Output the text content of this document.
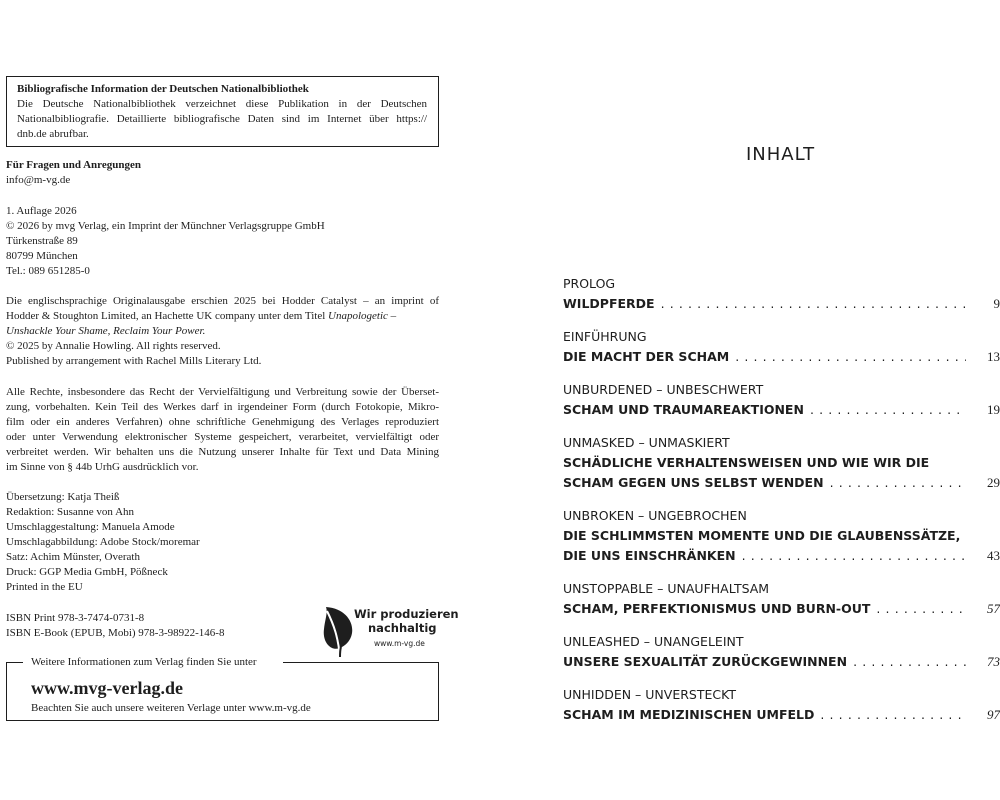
Bibliografische Information der Deutschen Nationalbibliothek
Die Deutsche Nationalbibliothek verzeichnet diese Publikation in der Deutschen
Nationalbibliografie. Detaillierte bibliografische Daten sind im Internet über https://
dnb.de abrufbar.
Für Fragen und Anregungen
info@m-vg.de
1. Auflage 2026
© 2026 by mvg Verlag, ein Imprint der Münchner Verlagsgruppe GmbH
Türkenstraße 89
80799 München
Tel.: 089 651285-0
Die englischsprachige Originalausgabe erschien 2025 bei Hodder Catalyst – an imprint of
Hodder & Stoughton Limited, an Hachette UK company unter dem Titel Unapologetic –
Unshackle Your Shame, Reclaim Your Power.
© 2025 by Annalie Howling. All rights reserved.
Published by arrangement with Rachel Mills Literary Ltd.
Alle Rechte, insbesondere das Recht der Vervielfältigung und Verbreitung sowie der Überset-
zung, vorbehalten. Kein Teil des Werkes darf in irgendeiner Form (durch Fotokopie, Mikro-
film oder ein anderes Verfahren) ohne schriftliche Genehmigung des Verlages reproduziert
oder unter Verwendung elektronischer Systeme gespeichert, verarbeitet, vervielfältigt oder
verbreitet werden. Wir behalten uns die Nutzung unserer Inhalte für Text und Data Mining
im Sinne von § 44b UrhG ausdrücklich vor.
Übersetzung: Katja Theiß
Redaktion: Susanne von Ahn
Umschlaggestaltung: Manuela Amode
Umschlagabbildung: Adobe Stock/moremar
Satz: Achim Münster, Overath
Druck: GGP Media GmbH, Pößneck
Printed in the EU
ISBN Print 978-3-7474-0731-8
ISBN E-Book (EPUB, Mobi) 978-3-98922-146-8
Wir produzieren
nachhaltig
www.m-vg.de
Weitere Informationen zum Verlag finden Sie unter
www.mvg-verlag.de
Beachten Sie auch unsere weiteren Verlage unter www.m-vg.de
INHALT
PROLOG
WILDPFERDE . . .	9
EINFÜHRUNG
DIE MACHT DER SCHAM . . .	13
UNBURDENED – UNBESCHWERT
SCHAM UND TRAUMAREAKTIONEN . . .	19
UNMASKED – UNMASKIERT
SCHÄDLICHE VERHALTENSWEISEN UND WIE WIR DIE
SCHAM GEGEN UNS SELBST WENDEN . . .	29
UNBROKEN – UNGEBROCHEN
DIE SCHLIMMSTEN MOMENTE UND DIE GLAUBENSSÄTZE,
DIE UNS EINSCHRÄNKEN . . .	43
UNSTOPPABLE – UNAUFHALTSAM
SCHAM, PERFEKTIONISMUS UND BURN-OUT . . .	57
UNLEASHED – UNANGELEINT
UNSERE SEXUALITÄT ZURÜCKGEWINNEN . . .	73
UNHIDDEN – UNVERSTECKT
SCHAM IM MEDIZINISCHEN UMFELD . . .	97
